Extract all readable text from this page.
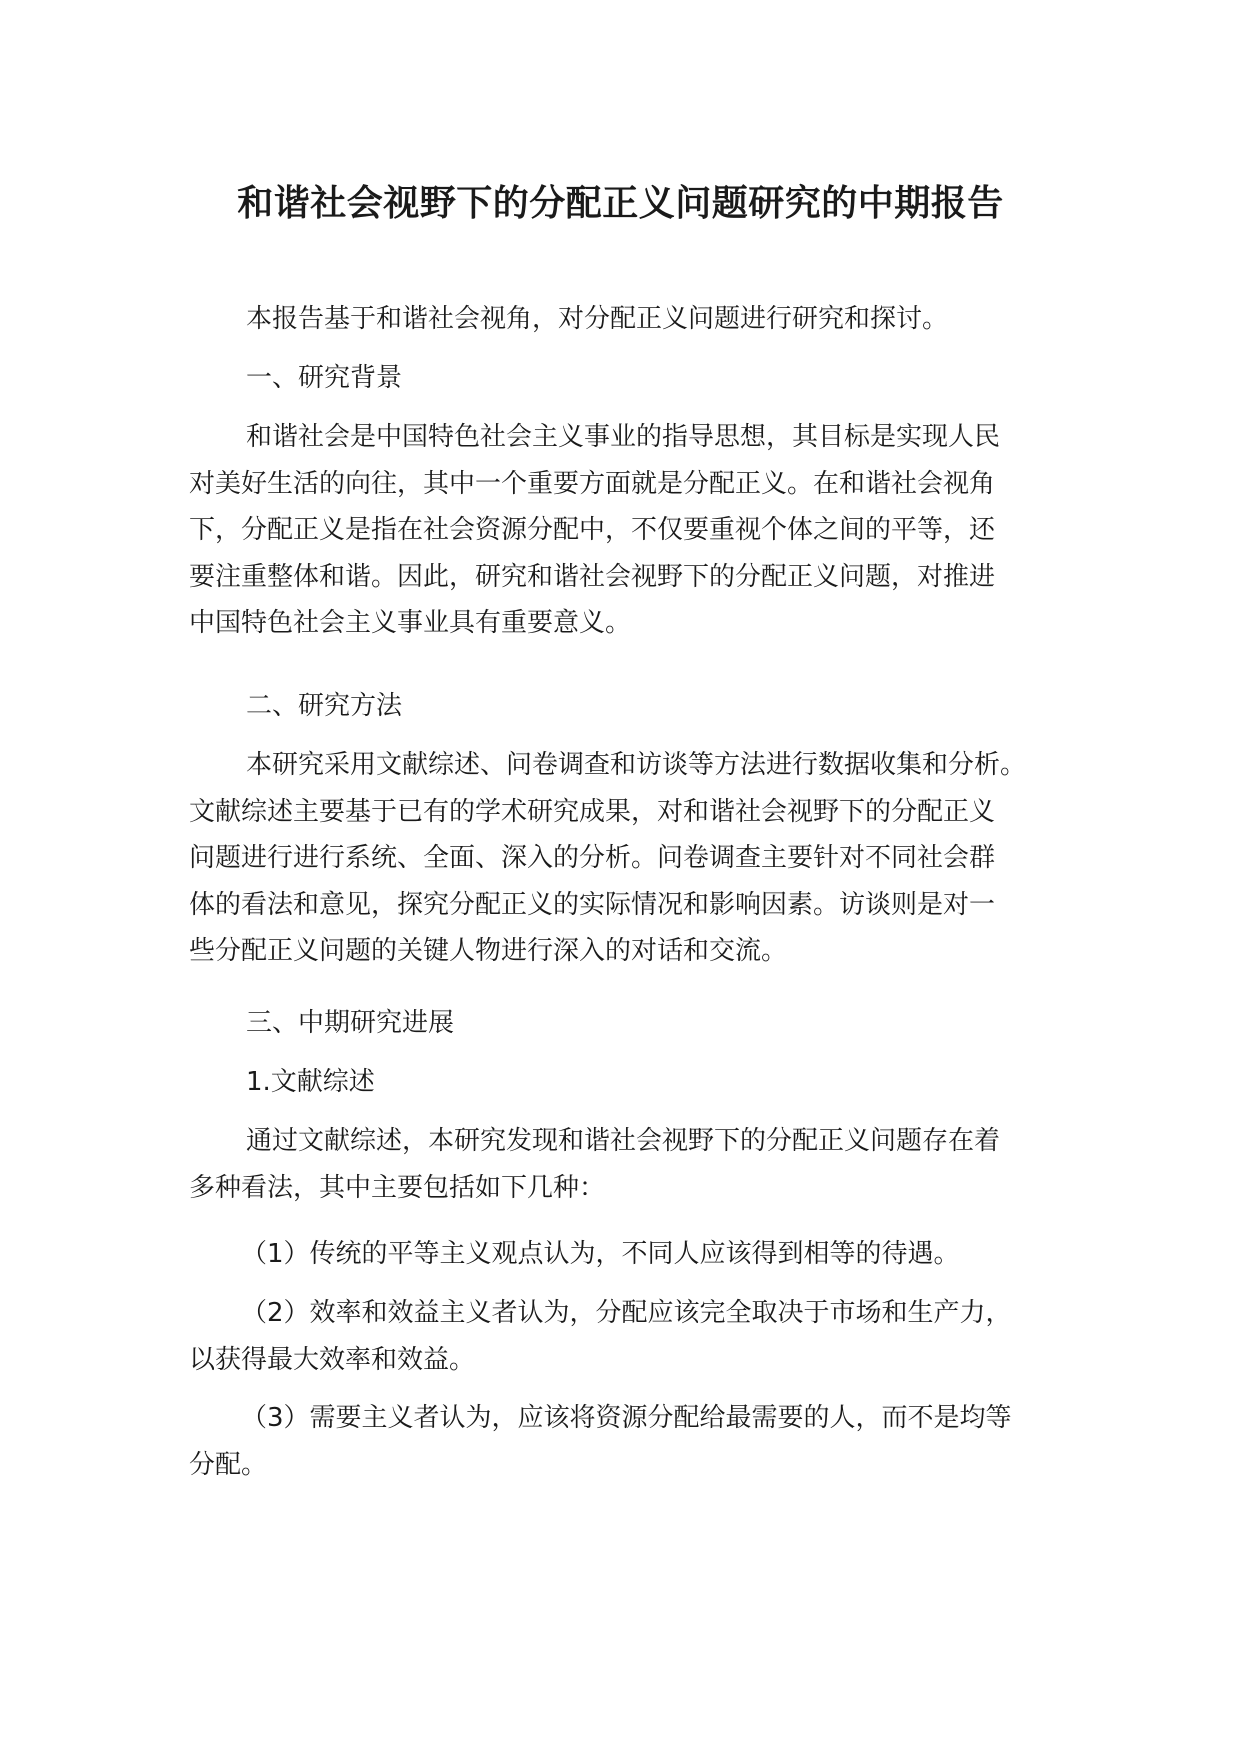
和谐社会视野下的分配正义问题研究的中期报告

本报告基于和谐社会视角，对分配正义问题进行研究和探讨。

一、研究背景

和谐社会是中国特色社会主义事业的指导思想，其目标是实现人民
对美好生活的向往，其中一个重要方面就是分配正义。在和谐社会视角
下，分配正义是指在社会资源分配中，不仅要重视个体之间的平等，还
要注重整体和谐。因此，研究和谐社会视野下的分配正义问题，对推进
中国特色社会主义事业具有重要意义。

二、研究方法

本研究采用文献综述、问卷调查和访谈等方法进行数据收集和分析。
文献综述主要基于已有的学术研究成果，对和谐社会视野下的分配正义
问题进行进行系统、全面、深入的分析。问卷调查主要针对不同社会群
体的看法和意见，探究分配正义的实际情况和影响因素。访谈则是对一
些分配正义问题的关键人物进行深入的对话和交流。

三、中期研究进展

1.文献综述

通过文献综述，本研究发现和谐社会视野下的分配正义问题存在着
多种看法，其中主要包括如下几种：

（1）传统的平等主义观点认为，不同人应该得到相等的待遇。

（2）效率和效益主义者认为，分配应该完全取决于市场和生产力，
以获得最大效率和效益。

（3）需要主义者认为，应该将资源分配给最需要的人，而不是均等
分配。
